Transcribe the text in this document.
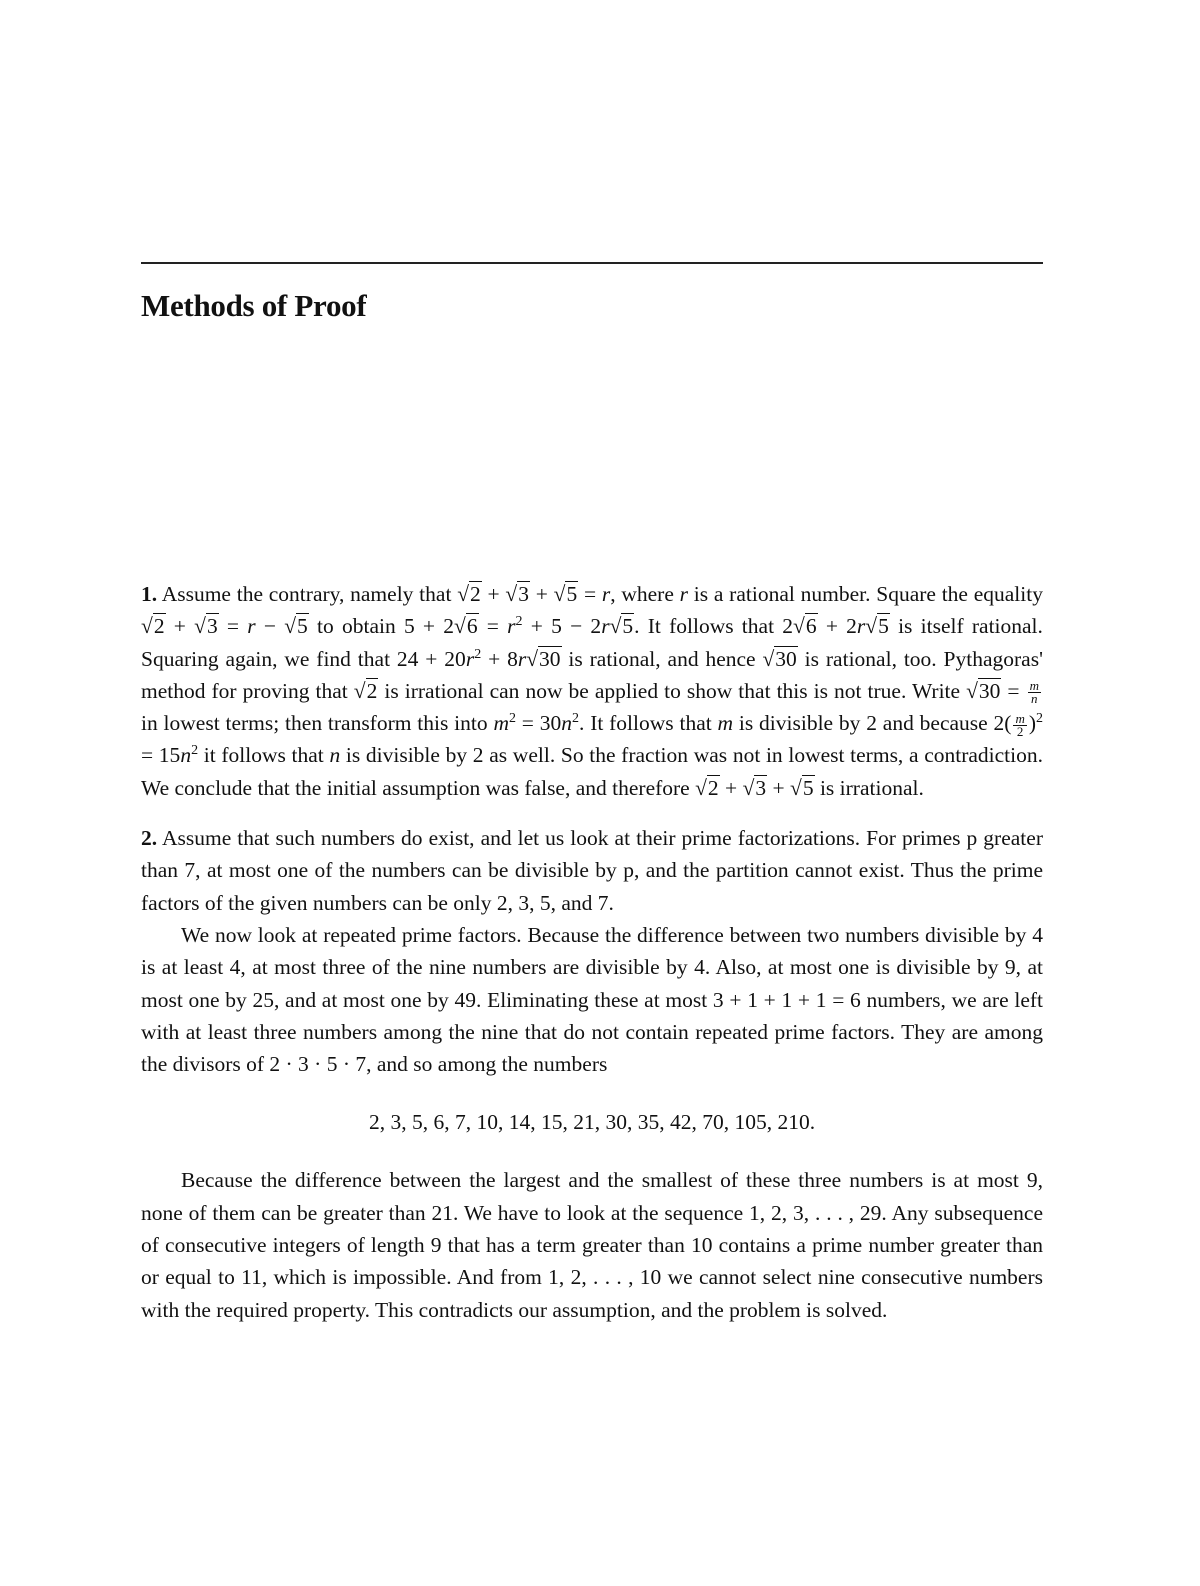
Methods of Proof

1. Assume the contrary, namely that √2 + √3 + √5 = r, where r is a rational number. Square the equality √2 + √3 = r − √5 to obtain $5 + 2√6 = r^2 + 5 - 2r√5$. It follows that 2√6 + 2r√5 is itself rational. Squaring again, we find that $24 + 20r^2 + 8r√30$ is rational, and hence √30 is rational, too. Pythagoras' method for proving that √2 is irrational can now be applied to show that this is not true. Write $√30 = \frac{m}{n}$
in lowest terms; then transform this into $m^2 = 30n^2$. It follows that m is divisible by 2 and because $2( \frac{m}{2} )^2 = 15n^2$ it follows that n is divisible by 2 as well. So the fraction was not in lowest terms, a contradiction. We conclude that the initial assumption was false, and therefore √2 + √3 + √5 is irrational.

2. Assume that such numbers do exist, and let us look at their prime factorizations. For primes p greater than 7, at most one of the numbers can be divisible by p, and the partition cannot exist. Thus the prime factors of the given numbers can be only 2, 3, 5, and 7.

We now look at repeated prime factors. Because the difference between two numbers divisible by 4 is at least 4, at most three of the nine numbers are divisible by 4. Also, at most one is divisible by 9, at most one by 25, and at most one by 49. Eliminating these at most 3 + 1 + 1 + 1 = 6 numbers, we are left with at least three numbers among the nine that do not contain repeated prime factors. They are among the divisors of 2 · 3 · 5 · 7, and so among the numbers

2, 3, 5, 6, 7, 10, 14, 15, 21, 30, 35, 42, 70, 105, 210.

Because the difference between the largest and the smallest of these three numbers is at most 9, none of them can be greater than 21. We have to look at the sequence 1, 2, 3, . . . , 29. Any subsequence of consecutive integers of length 9 that has a term greater than 10 contains a prime number greater than or equal to 11, which is impossible. And from 1, 2, . . . , 10 we cannot select nine consecutive numbers with the required property. This contradicts our assumption, and the problem is solved.
